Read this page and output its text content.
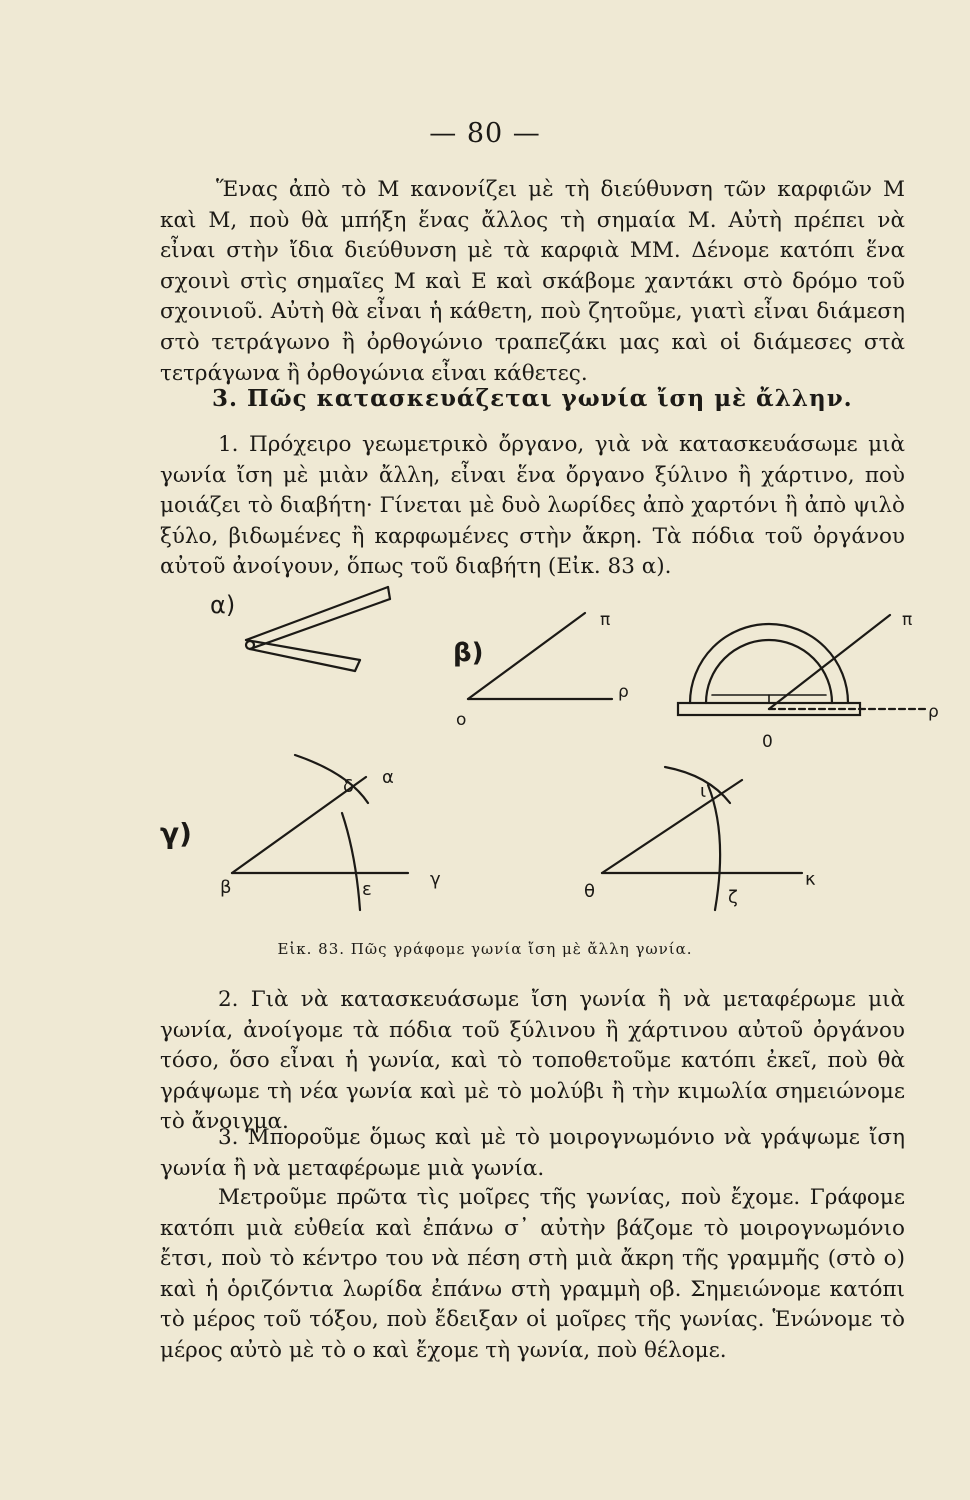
— 80 —

Ἕνας ἀπὸ τὸ Μ κανονίζει μὲ τὴ διεύθυνση τῶν καρφιῶν Μ καὶ Μ, ποὺ θὰ μπήξη ἕνας ἄλλος τὴ σημαία Μ. Αὐτὴ πρέπει νὰ εἶναι στὴν ἴδια διεύθυνση μὲ τὰ καρφιὰ ΜΜ. Δένομε κατόπι ἕνα σχοινὶ στὶς σημαῖες Μ καὶ Ε καὶ σκάβομε χαντάκι στὸ δρόμο τοῦ σχοινιοῦ. Αὐτὴ θὰ εἶναι ἡ κάθετη, ποὺ ζητοῦμε, γιατὶ εἶναι διάμεση στὸ τετράγωνο ἢ ὀρθογώνιο τραπεζάκι μας καὶ οἱ διάμεσες στὰ τετράγωνα ἢ ὀρθογώνια εἶναι κάθετες.

3. Πῶς κατασκευάζεται γωνία ἴση μὲ ἄλλην.

1. Πρόχειρο γεωμετρικὸ ὄργανο, γιὰ νὰ κατασκευάσωμε μιὰ γωνία ἴση μὲ μιὰν ἄλλη, εἶναι ἕνα ὄργανο ξύλινο ἢ χάρτινο, ποὺ μοιάζει τὸ διαβήτη· Γίνεται μὲ δυὸ λωρίδες ἀπὸ χαρτόνι ἢ ἀπὸ ψιλὸ ξύλο, βιδωμένες ἢ καρφωμένες στὴν ἄκρη. Τὰ πόδια τοῦ ὀργάνου αὐτοῦ ἀνοίγουν, ὅπως τοῦ διαβήτη (Εἰκ. 83 α).

α)
β)
π
ρ
ο
π
ρ
0
γ)
δ α
β	ε	γ
ι
θ	ζ
κ
Εἰκ. 83. Πῶς γράφομε γωνία ἴση μὲ ἄλλη γωνία.

2. Γιὰ νὰ κατασκευάσωμε ἴση γωνία ἢ νὰ μεταφέρωμε μιὰ γωνία, ἀνοίγομε τὰ πόδια τοῦ ξύλινου ἢ χάρτινου αὐτοῦ ὀργάνου τόσο, ὅσο εἶναι ἡ γωνία, καὶ τὸ τοποθετοῦμε κατόπι ἐκεῖ, ποὺ θὰ γράψωμε τὴ νέα γωνία καὶ μὲ τὸ μολύβι ἢ τὴν κιμωλία σημειώνομε τὸ ἄνοιγμα.

3. Μποροῦμε ὅμως καὶ μὲ τὸ μοιρογνωμόνιο νὰ γράψωμε ἴση γωνία ἢ νὰ μεταφέρωμε μιὰ γωνία.

Μετροῦμε πρῶτα τὶς μοῖρες τῆς γωνίας, ποὺ ἔχομε. Γράφομε κατόπι μιὰ εὐθεία καὶ ἐπάνω σ᾽ αὐτὴν βάζομε τὸ μοιρογνωμόνιο ἔτσι, ποὺ τὸ κέντρο του νὰ πέση στὴ μιὰ ἄκρη τῆς γραμμῆς (στὸ ο) καὶ ἡ ὁριζόντια λωρίδα ἐπάνω στὴ γραμμὴ οβ. Σημειώνομε κατόπι τὸ μέρος τοῦ τόξου, ποὺ ἔδειξαν οἱ μοῖρες τῆς γωνίας. Ἑνώνομε τὸ μέρος αὐτὸ μὲ τὸ ο καὶ ἔχομε τὴ γωνία, ποὺ θέλομε.
